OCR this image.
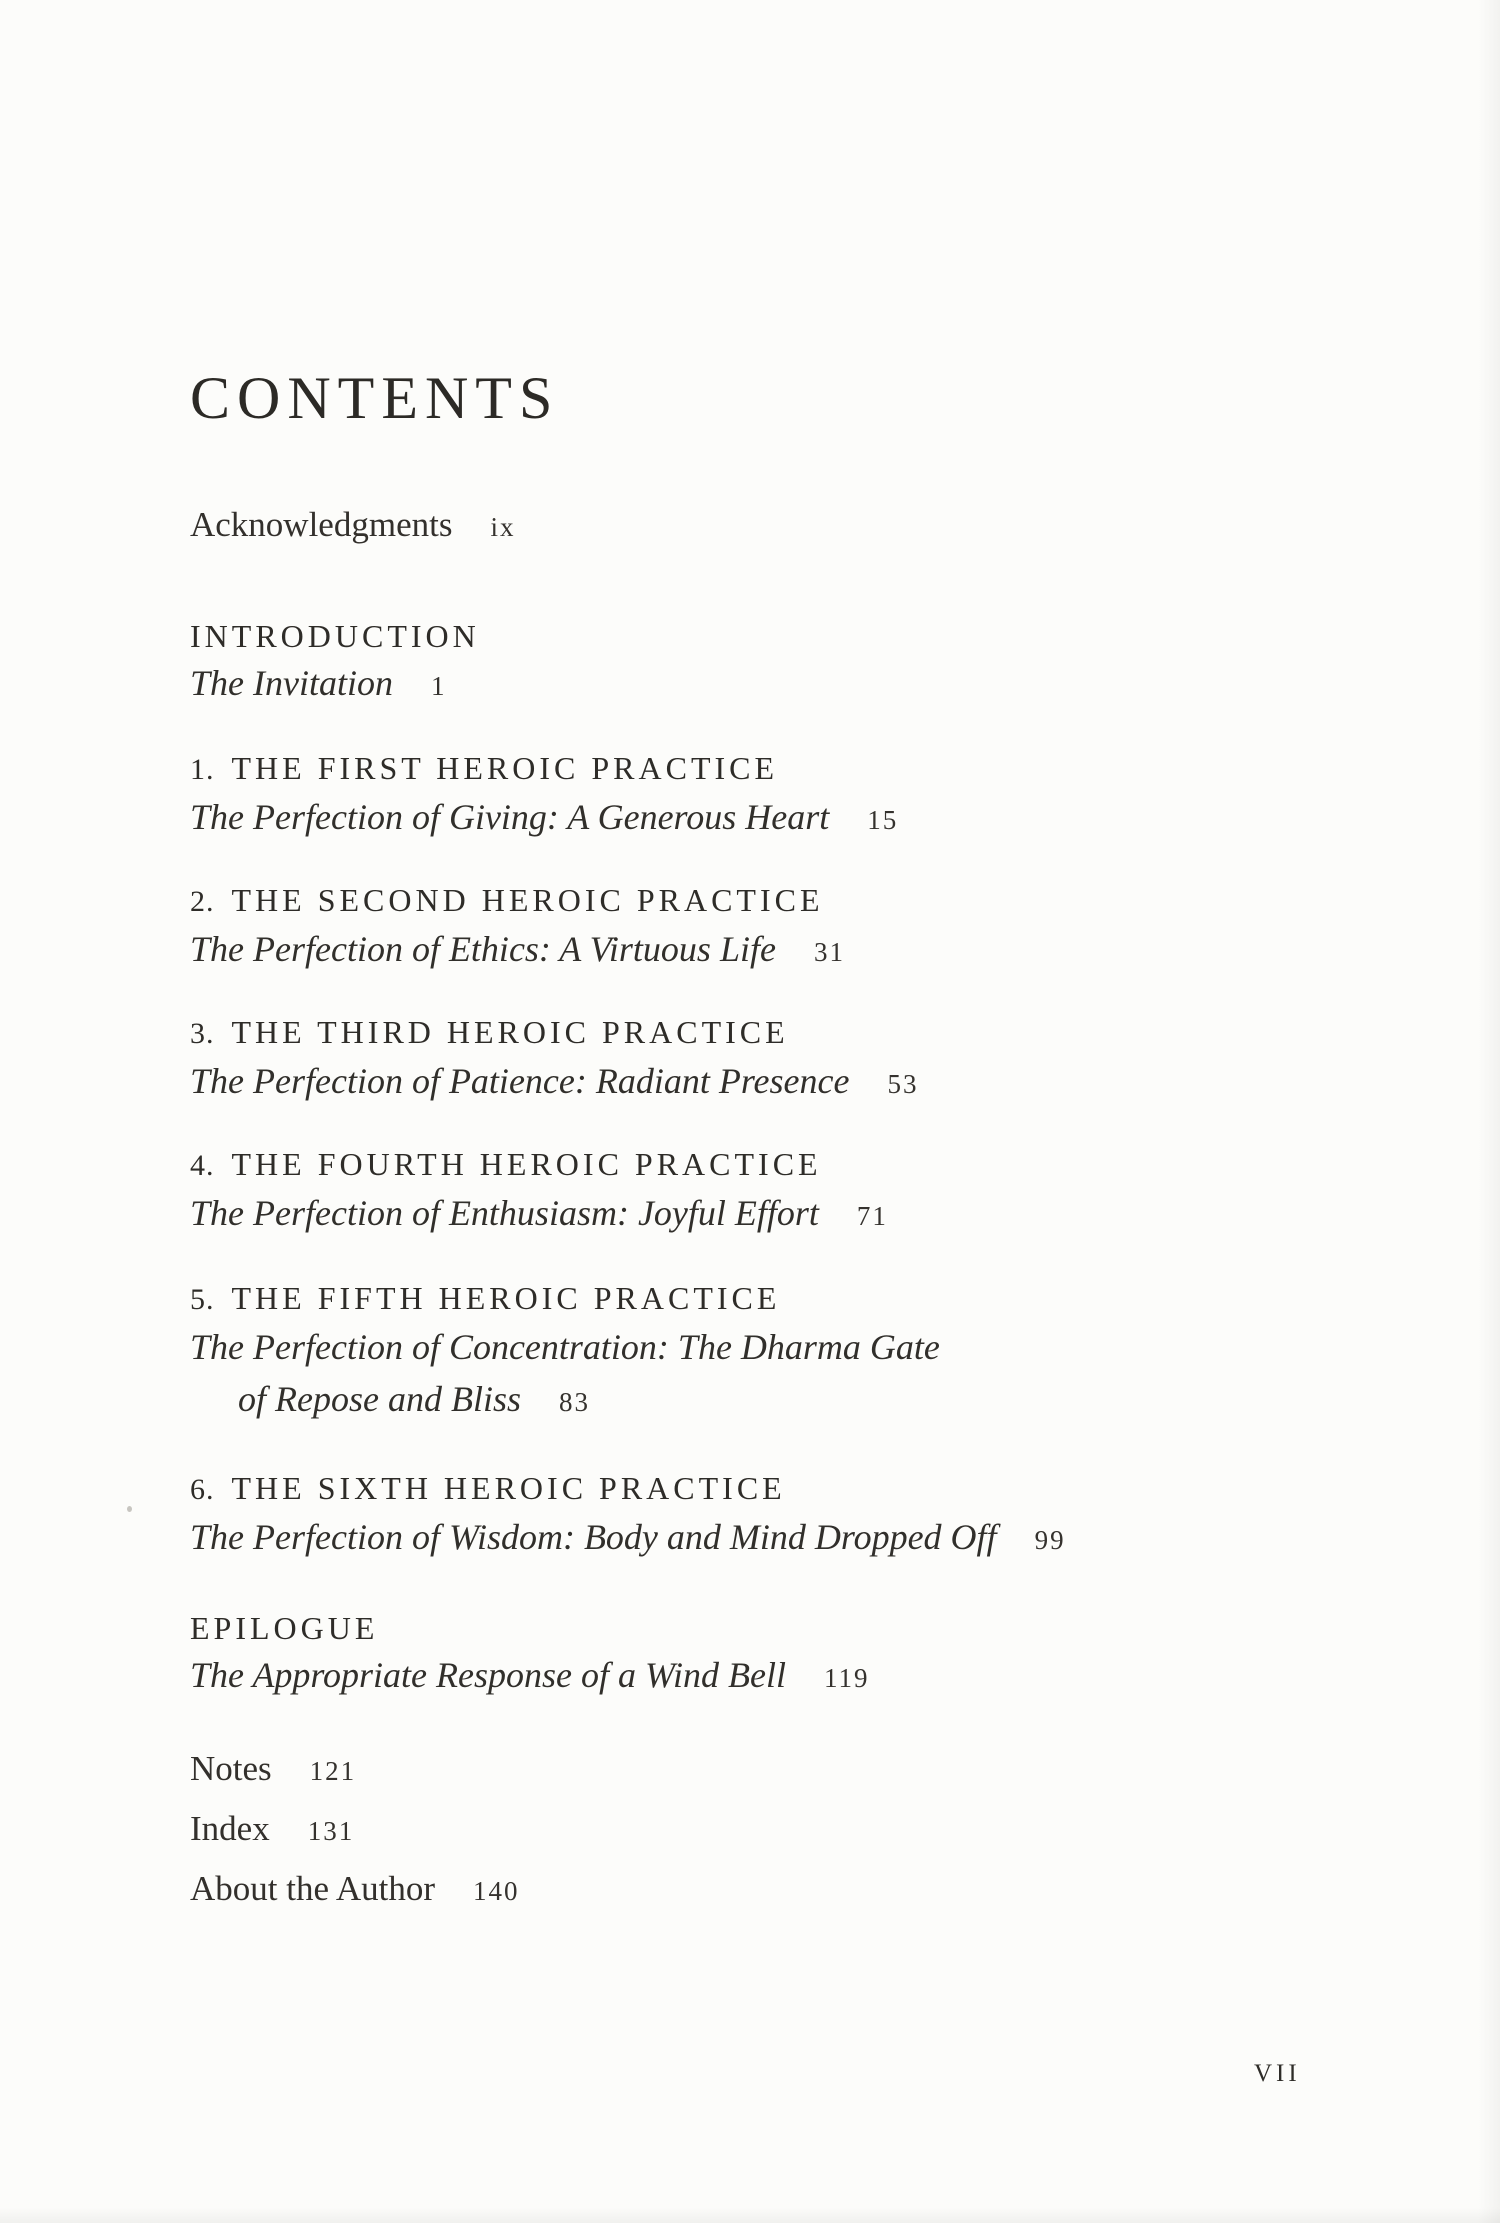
CONTENTS
Acknowledgments ix
INTRODUCTION
The Invitation 1
1. THE FIRST HEROIC PRACTICE
The Perfection of Giving: A Generous Heart 15
2. THE SECOND HEROIC PRACTICE
The Perfection of Ethics: A Virtuous Life 31
3. THE THIRD HEROIC PRACTICE
The Perfection of Patience: Radiant Presence 53
4. THE FOURTH HEROIC PRACTICE
The Perfection of Enthusiasm: Joyful Effort 71
5. THE FIFTH HEROIC PRACTICE
The Perfection of Concentration: The Dharma Gate
of Repose and Bliss 83
6. THE SIXTH HEROIC PRACTICE
The Perfection of Wisdom: Body and Mind Dropped Off 99
EPILOGUE
The Appropriate Response of a Wind Bell 119
Notes 121
Index 131
About the Author 140
VII
